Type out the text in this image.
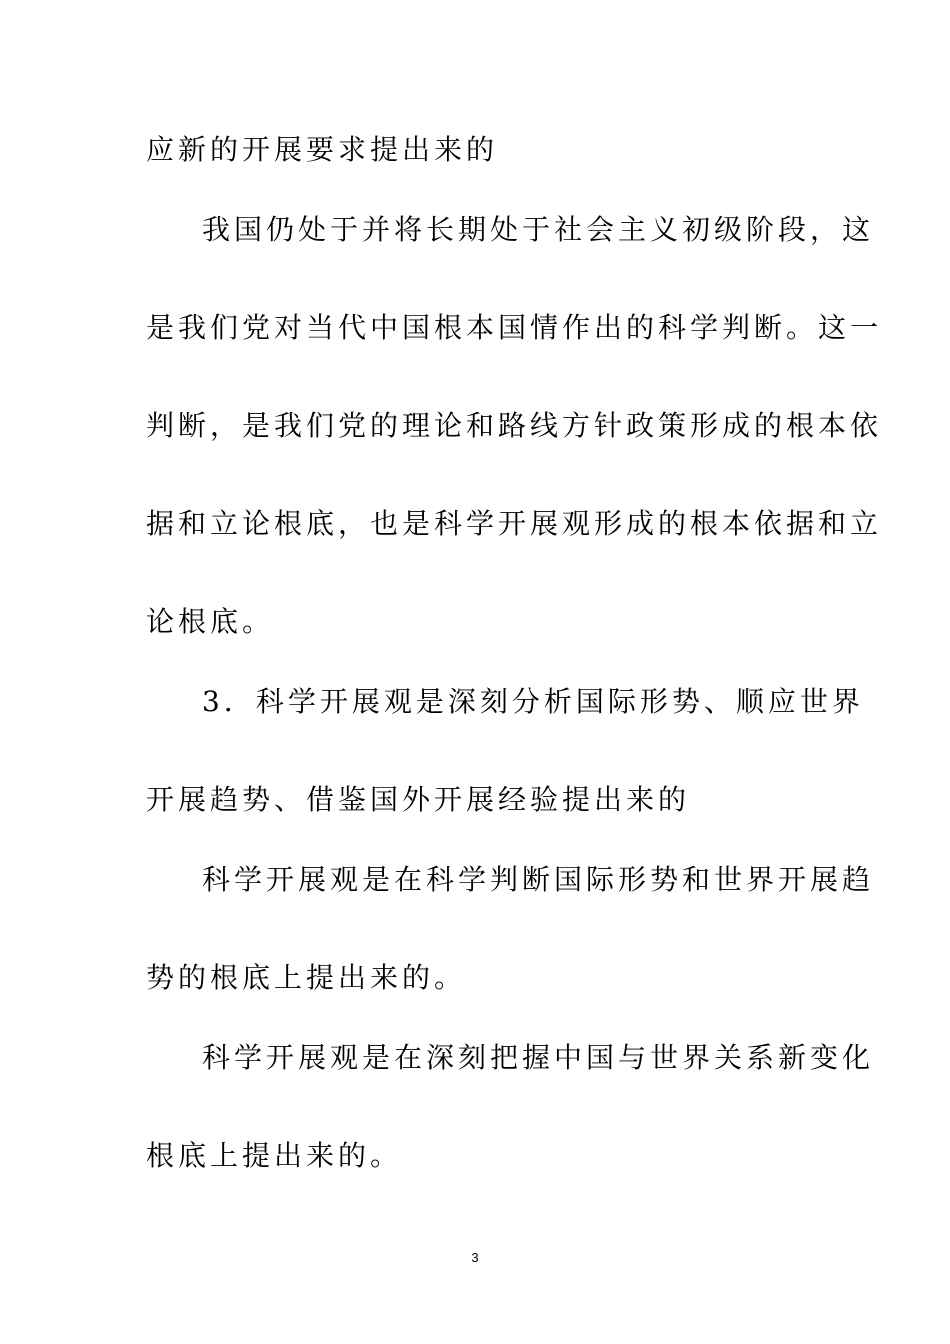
应新的开展要求提出来的
我国仍处于并将长期处于社会主义初级阶段，这
是我们党对当代中国根本国情作出的科学判断。这一
判断，是我们党的理论和路线方针政策形成的根本依
据和立论根底，也是科学开展观形成的根本依据和立
论根底。
3．科学开展观是深刻分析国际形势、顺应世界
开展趋势、借鉴国外开展经验提出来的
科学开展观是在科学判断国际形势和世界开展趋
势的根底上提出来的。
科学开展观是在深刻把握中国与世界关系新变化
根底上提出来的。
3
